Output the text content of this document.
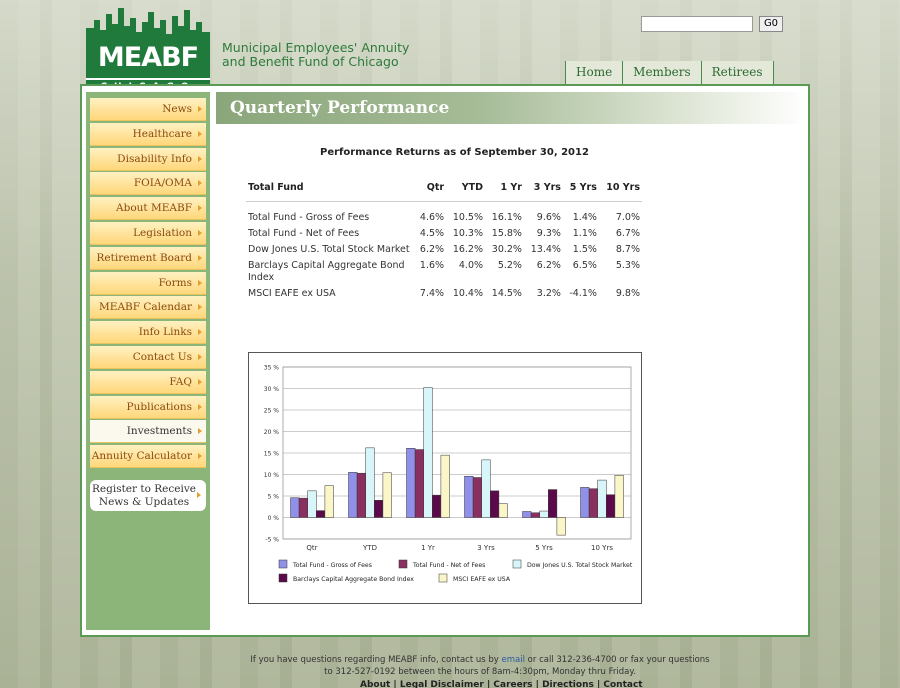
MEABF	Municipal Employees' Annuity
and Benefit Fund of Chicago
G0
Home	Members	Retirees
Register to Receive
News & Updates
News
Healthcare
Disability Info
FOIA/OMA
About MEABF
Legislation
Retirement Board
Forms
MEABF Calendar
Info Links
Contact Us
FAQ
Publications
Investments
Annuity Calculator
Quarterly Performance
Performance Returns as of September 30, 2012
Total Fund	Qtr	YTD	1 Yr	3 Yrs	5 Yrs	10 Yrs
Total Fund - Gross of Fees	4.6%	10.5%	16.1%	9.6%	1.4%	7.0%
Total Fund - Net of Fees	4.5%	10.3%	15.8%	9.3%	1.1%	6.7%
Dow Jones U.S. Total Stock Market	6.2%	16.2%	30.2%	13.4%	1.5%	8.7%
Barclays Capital Aggregate Bond Index	1.6%	4.0%	5.2%	6.2%	6.5%	5.3%
MSCI EAFE ex USA	7.4%	10.4%	14.5%	3.2%	-4.1%	9.8%
35 %
30 %
25 %
20 %
15 %
10 %
5 %
0 %
-5 %
Qtr	YTD	1 Yr	3 Yrs	5 Yrs	10 Yrs
Total Fund - Gross of Fees	Total Fund - Net of Fees	Dow Jones U.S. Total Stock Market
Barclays Capital Aggregate Bond Index	MSCI EAFE ex USA
If you have questions regarding MEABF info, contact us by email or call 312-236-4700 or fax your questions
to 312-527-0192 between the hours of 8am-4:30pm, Monday thru Friday.
About | Legal Disclaimer | Careers | Directions | Contact
